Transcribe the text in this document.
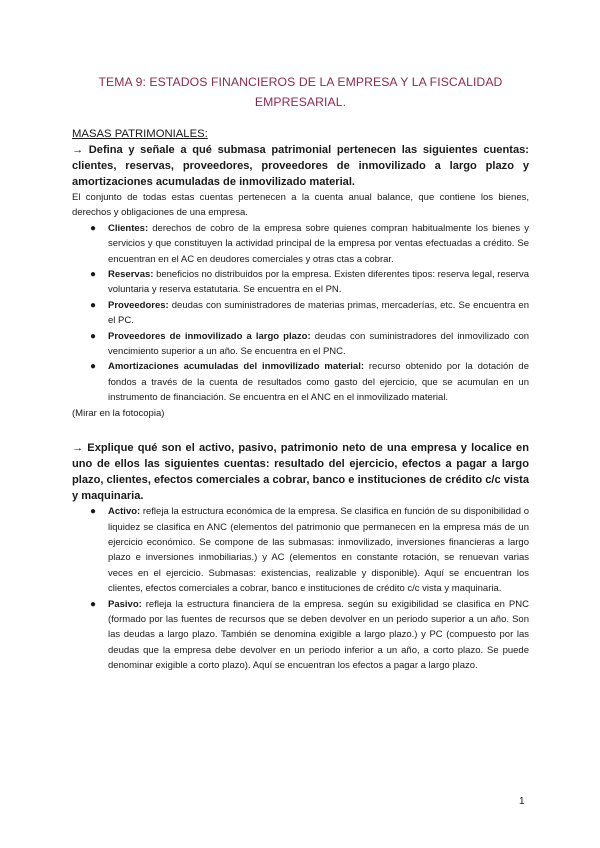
TEMA 9: ESTADOS FINANCIEROS DE LA EMPRESA Y LA FISCALIDAD EMPRESARIAL.
MASAS PATRIMONIALES:

→ Defina y señale a qué submasa patrimonial pertenecen las siguientes cuentas: clientes, reservas, proveedores, proveedores de inmovilizado a largo plazo y amortizaciones acumuladas de inmovilizado material.

El conjunto de todas estas cuentas pertenecen a la cuenta anual balance, que contiene los bienes, derechos y obligaciones de una empresa.

● Clientes: derechos de cobro de la empresa sobre quienes compran habitualmente los bienes y servicios y que constituyen la actividad principal de la empresa por ventas efectuadas a crédito. Se encuentran en el AC en deudores comerciales y otras ctas a cobrar.
● Reservas: beneficios no distribuidos por la empresa. Existen diferentes tipos: reserva legal, reserva voluntaria y reserva estatutaria. Se encuentra en el PN.
● Proveedores: deudas con suministradores de materias primas, mercaderías, etc. Se encuentra en el PC.
● Proveedores de inmovilizado a largo plazo: deudas con suministradores del inmovilizado con vencimiento superior a un año. Se encuentra en el PNC.
● Amortizaciones acumuladas del inmovilizado material: recurso obtenido por la dotación de fondos a través de la cuenta de resultados como gasto del ejercicio, que se acumulan en un instrumento de financiación. Se encuentra en el ANC en el inmovilizado material.

(Mirar en la fotocopia)

→ Explique qué son el activo, pasivo, patrimonio neto de una empresa y localice en uno de ellos las siguientes cuentas: resultado del ejercicio, efectos a pagar a largo plazo, clientes, efectos comerciales a cobrar, banco e instituciones de crédito c/c vista y maquinaria.

● Activo: refleja la estructura económica de la empresa. Se clasifica en función de su disponibilidad o liquidez se clasifica en ANC (elementos del patrimonio que permanecen en la empresa más de un ejercicio económico. Se compone de las submasas: inmovilizado, inversiones financieras a largo plazo e inversiones inmobiliarias.) y AC (elementos en constante rotación, se renuevan varias veces en el ejercicio. Submasas: existencias, realizable y disponible). Aquí se encuentran los clientes, efectos comerciales a cobrar, banco e instituciones de crédito c/c vista y maquinaria.
● Pasivo: refleja la estructura financiera de la empresa. según su exigibilidad se clasifica en PNC (formado por las fuentes de recursos que se deben devolver en un periodo superior a un año. Son las deudas a largo plazo. También se denomina exigible a largo plazo.) y PC (compuesto por las deudas que la empresa debe devolver en un periodo inferior a un año, a corto plazo. Se puede denominar exigible a corto plazo). Aquí se encuentran los efectos a pagar a largo plazo.
1
